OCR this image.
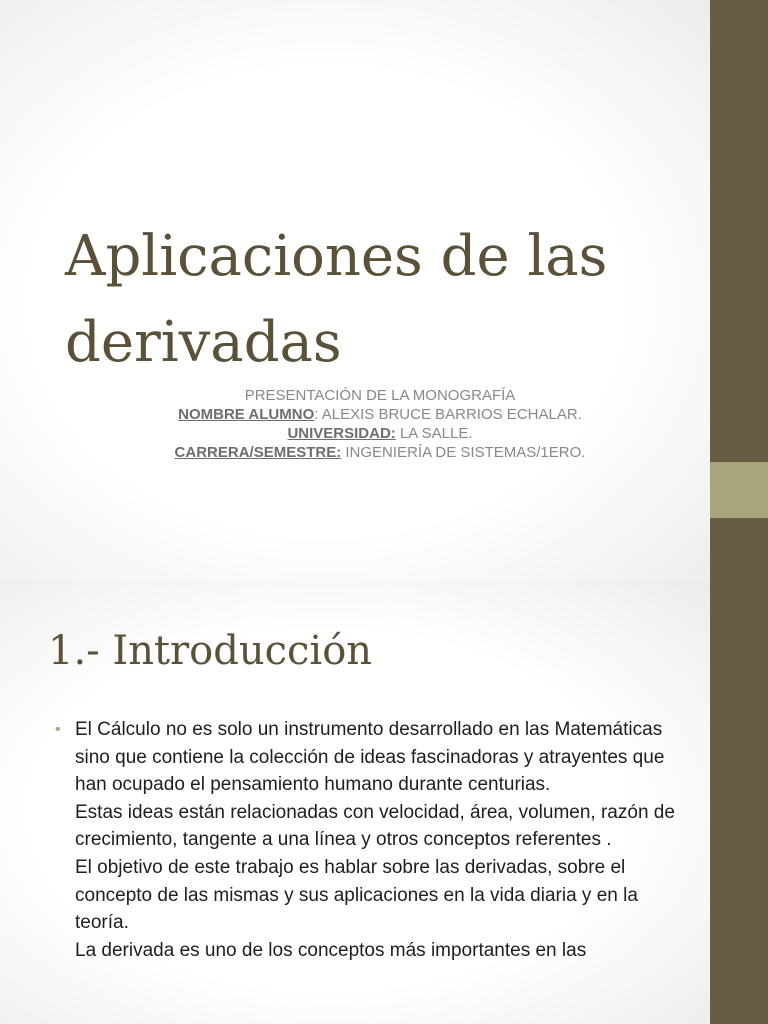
Aplicaciones de las derivadas
PRESENTACIÓN DE LA MONOGRAFÍA
NOMBRE ALUMNO: ALEXIS BRUCE BARRIOS ECHALAR.
UNIVERSIDAD: LA SALLE.
CARRERA/SEMESTRE: INGENIERÍA DE SISTEMAS/1ERO.
1.- Introducción
• El Cálculo no es solo un instrumento desarrollado en las Matemáticas sino que contiene la colección de ideas fascinadoras y atrayentes que han ocupado el pensamiento humano durante centurias.

Estas ideas están relacionadas con velocidad, área, volumen, razón de crecimiento, tangente a una línea y otros conceptos referentes .

El objetivo de este trabajo es hablar sobre las derivadas, sobre el concepto de las mismas y sus aplicaciones en la vida diaria y en la teoría.

La derivada es uno de los conceptos más importantes en las
